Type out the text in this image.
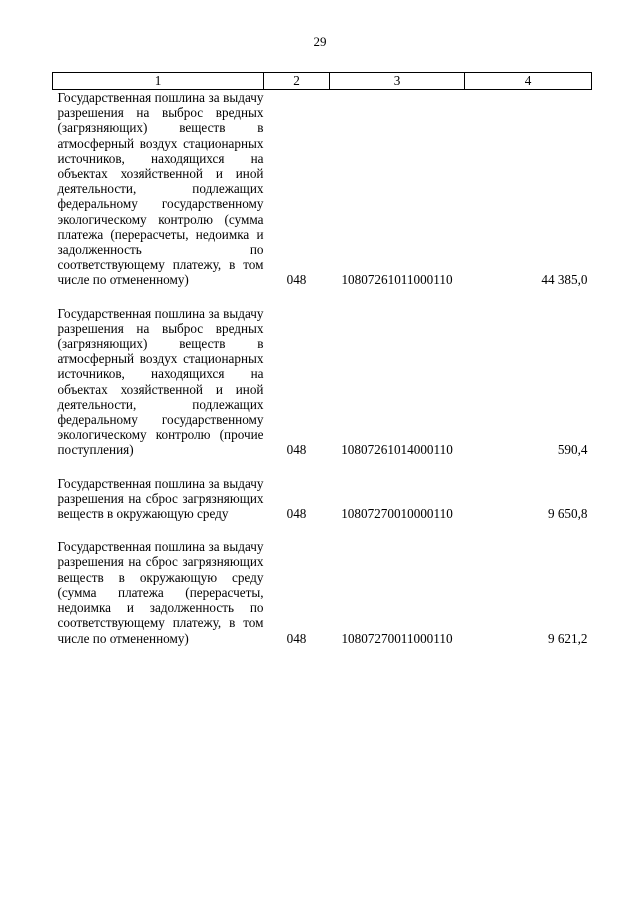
29
1	2	3	4
Государственная пошлина за выдачу разрешения на выброс вредных (загрязняющих) веществ в атмосферный воздух стационарных источников, находящихся на объектах хозяйственной и иной деятельности, подлежащих федеральному государственному экологическому контролю (сумма платежа (перерасчеты, недоимка и задолженность по соответствующему платежу, в том числе по отмененному)	048	10807261011000110	44 385,0

Государственная пошлина за выдачу разрешения на выброс вредных (загрязняющих) веществ в атмосферный воздух стационарных источников, находящихся на объектах хозяйственной и иной деятельности, подлежащих федеральному государственному экологическому контролю (прочие поступления)	048	10807261014000110	590,4

Государственная пошлина за выдачу разрешения на сброс загрязняющих веществ в окружающую среду	048	10807270010000110	9 650,8

Государственная пошлина за выдачу разрешения на сброс загрязняющих веществ в окружающую среду (сумма платежа (перерасчеты, недоимка и задолженность по соответствующему платежу, в том числе по отмененному)	048	10807270011000110	9 621,2
